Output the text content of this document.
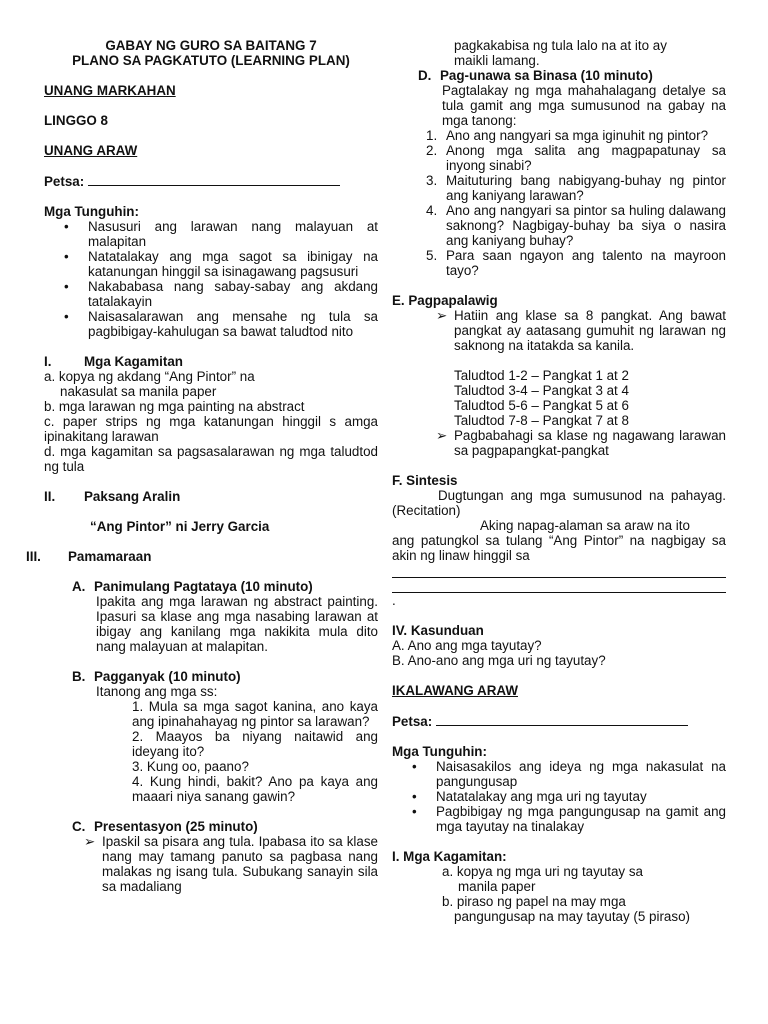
GABAY NG GURO SA BAITANG 7
PLANO SA PAGKATUTO (LEARNING PLAN)
UNANG MARKAHAN
LINGGO 8
UNANG ARAW
Petsa:
Mga Tunguhin:
•	Nasusuri ang larawan nang malayuan at malapitan
•	Natatalakay ang mga sagot sa ibinigay na katanungan hinggil sa isinagawang pagsusuri
•	Nakababasa nang sabay-sabay ang akdang tatalakayin
•	Naisasalarawan ang mensahe ng tula sa pagbibigay-kahulugan sa bawat taludtod nito
I.	Mga Kagamitan
a. kopya ng akdang “Ang Pintor” na
nakasulat sa manila paper
b. mga larawan ng mga painting na abstract
c. paper strips ng mga katanungan hinggil s amga ipinakitang larawan
d. mga kagamitan sa pagsasalarawan ng mga taludtod ng tula
II.	Paksang Aralin
“Ang Pintor” ni Jerry Garcia
III.	Pamamaraan
A. Panimulang Pagtataya (10 minuto)
Ipakita ang mga larawan ng abstract painting. Ipasuri sa klase ang mga nasabing larawan at ibigay ang kanilang mga nakikita mula dito nang malayuan at malapitan.
B. Pagganyak (10 minuto)
Itanong ang mga ss:
1. Mula sa mga sagot kanina, ano kaya ang ipinahahayag ng pintor sa larawan?
2. Maayos ba niyang naitawid ang ideyang ito?
3. Kung oo, paano?
4. Kung hindi, bakit? Ano pa kaya ang maaari niya sanang gawin?
C. Presentasyon (25 minuto)
➢ Ipaskil sa pisara ang tula. Ipabasa ito sa klase nang may tamang panuto sa pagbasa nang malakas ng isang tula. Subukang sanayin sila sa madaliang
pagkakabisa ng tula lalo na at ito ay
maikli lamang.
D. Pag-unawa sa Binasa (10 minuto)
Pagtalakay ng mga mahahalagang detalye sa tula gamit ang mga sumusunod na gabay na mga tanong:
1. Ano ang nangyari sa mga iginuhit ng pintor?
2. Anong mga salita ang magpapatunay sa inyong sinabi?
3. Maituturing bang nabigyang-buhay ng pintor ang kaniyang larawan?
4. Ano ang nangyari sa pintor sa huling dalawang saknong? Nagbigay-buhay ba siya o nasira ang kaniyang buhay?
5. Para saan ngayon ang talento na mayroon tayo?
E. Pagpapalawig
➢ Hatiin ang klase sa 8 pangkat. Ang bawat pangkat ay aatasang gumuhit ng larawan ng saknong na itatakda sa kanila.
Taludtod 1-2 – Pangkat 1 at 2
Taludtod 3-4 – Pangkat 3 at 4
Taludtod 5-6 – Pangkat 5 at 6
Taludtod 7-8 – Pangkat 7 at 8
➢ Pagbabahagi sa klase ng nagawang larawan sa pagpapangkat-pangkat
F. Sintesis
Dugtungan ang mga sumusunod na pahayag. (Recitation)
Aking napag-alaman sa araw na ito
ang patungkol sa tulang “Ang Pintor” na nagbigay sa akin ng linaw hinggil sa
.
IV. Kasunduan
A. Ano ang mga tayutay?
B. Ano-ano ang mga uri ng tayutay?
IKALAWANG ARAW
Petsa:
Mga Tunguhin:
•	Naisasakilos ang ideya ng mga nakasulat na pangungusap
•	Natatalakay ang mga uri ng tayutay
•	Pagbibigay ng mga pangungusap na gamit ang mga tayutay na tinalakay
I. Mga Kagamitan:
a. kopya ng mga uri ng tayutay sa
manila paper
b. piraso ng papel na may mga
pangungusap na may tayutay (5 piraso)
